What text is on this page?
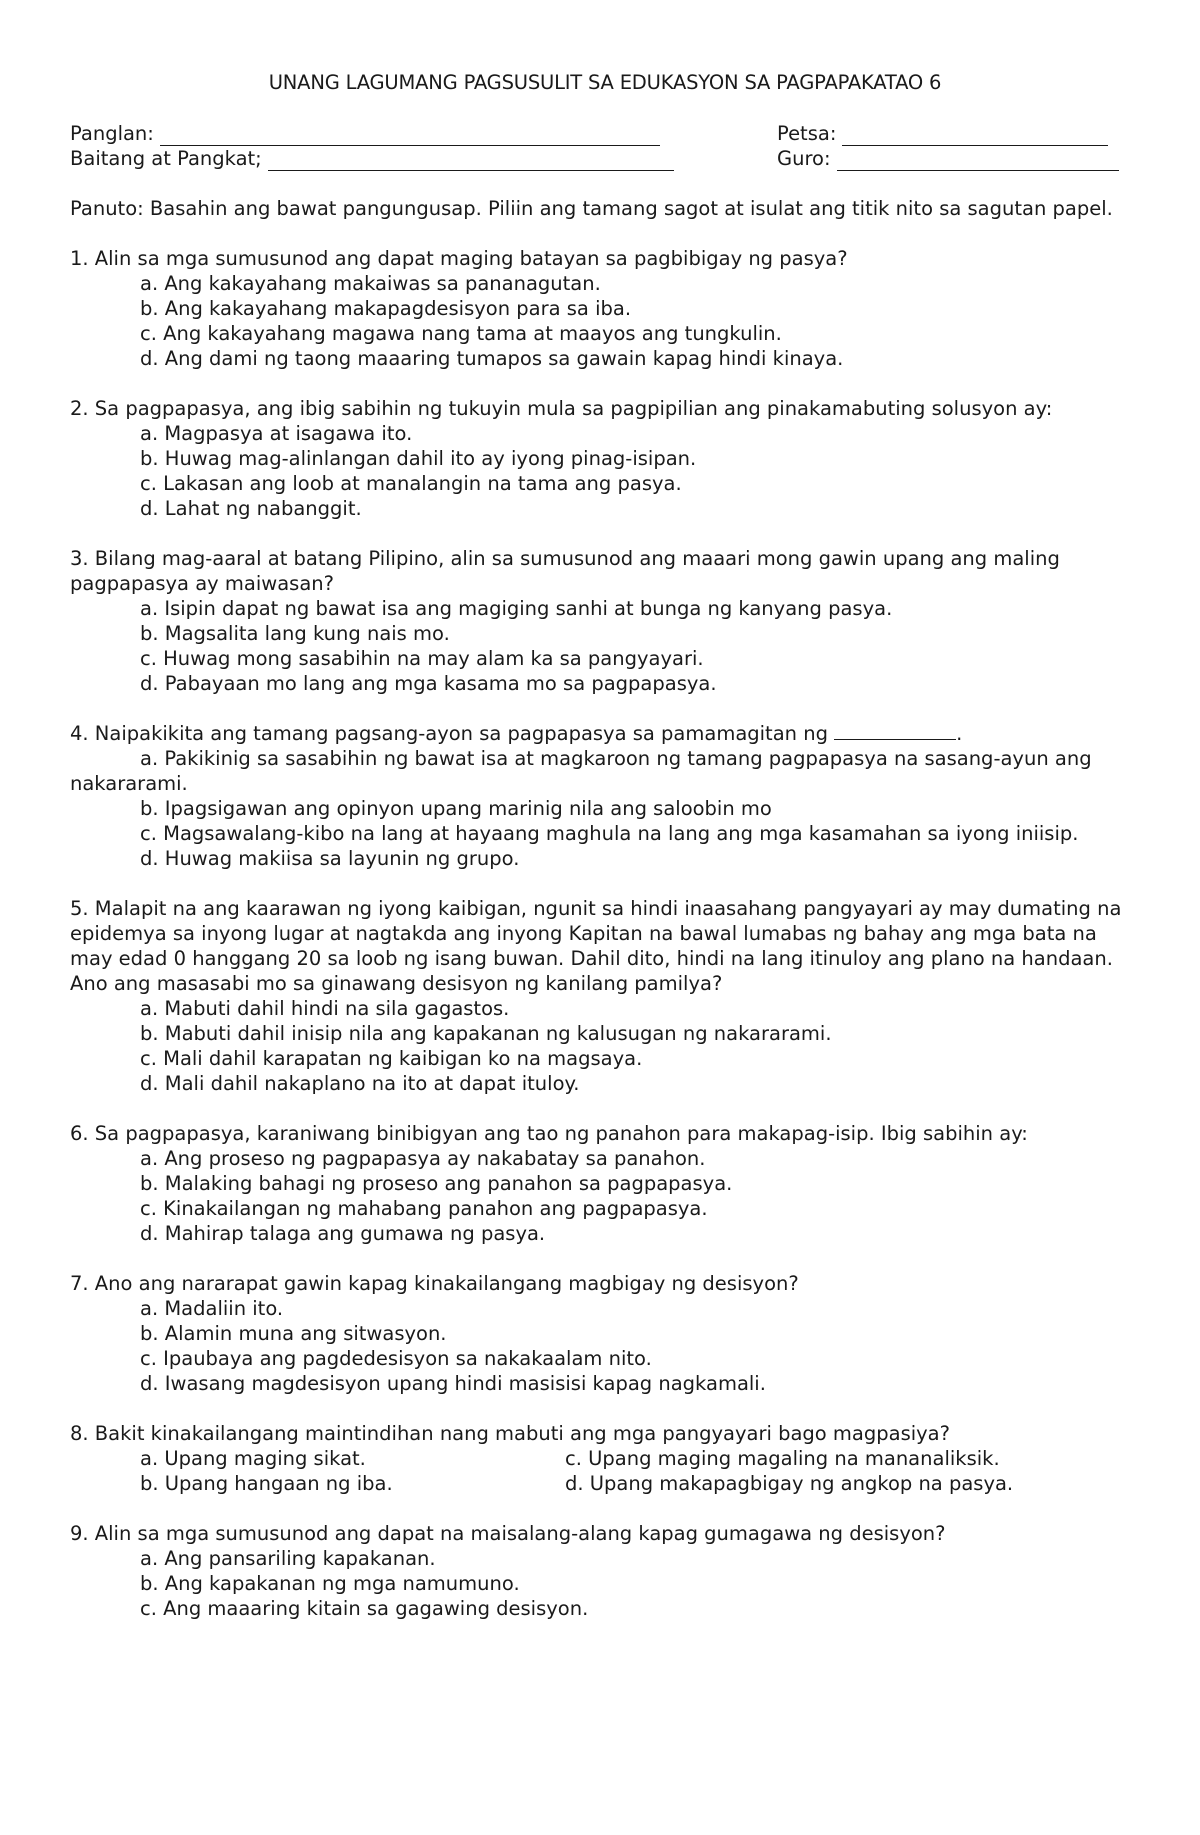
UNANG LAGUMANG PAGSUSULIT SA EDUKASYON SA PAGPAPAKATAO 6
Panglan:	Petsa:
Baitang at Pangkat;	Guro:

Panuto: Basahin ang bawat pangungusap. Piliin ang tamang sagot at isulat ang titik nito sa sagutan papel.

1. Alin sa mga sumusunod ang dapat maging batayan sa pagbibigay ng pasya?

a. Ang kakayahang makaiwas sa pananagutan.

b. Ang kakayahang makapagdesisyon para sa iba.

c. Ang kakayahang magawa nang tama at maayos ang tungkulin.

d. Ang dami ng taong maaaring tumapos sa gawain kapag hindi kinaya.

2. Sa pagpapasya, ang ibig sabihin ng tukuyin mula sa pagpipilian ang pinakamabuting solusyon ay:

a. Magpasya at isagawa ito.

b. Huwag mag-alinlangan dahil ito ay iyong pinag-isipan.

c. Lakasan ang loob at manalangin na tama ang pasya.

d. Lahat ng nabanggit.

3. Bilang mag-aaral at batang Pilipino, alin sa sumusunod ang maaari mong gawin upang ang maling pagpapasya ay maiwasan?

a. Isipin dapat ng bawat isa ang magiging sanhi at bunga ng kanyang pasya.

b. Magsalita lang kung nais mo.

c. Huwag mong sasabihin na may alam ka sa pangyayari.

d. Pabayaan mo lang ang mga kasama mo sa pagpapasya.

4. Naipakikita ang tamang pagsang-ayon sa pagpapasya sa pamamagitan ng	.

a. Pakikinig sa sasabihin ng bawat isa at magkaroon ng tamang pagpapasya na sasang-ayun ang nakararami.

b. Ipagsigawan ang opinyon upang marinig nila ang saloobin mo

c. Magsawalang-kibo na lang at hayaang maghula na lang ang mga kasamahan sa iyong iniisip.

d. Huwag makiisa sa layunin ng grupo.

5. Malapit na ang kaarawan ng iyong kaibigan, ngunit sa hindi inaasahang pangyayari ay may dumating na epidemya sa inyong lugar at nagtakda ang inyong Kapitan na bawal lumabas ng bahay ang mga bata na may edad 0 hanggang 20 sa loob ng isang buwan. Dahil dito, hindi na lang itinuloy ang plano na handaan. Ano ang masasabi mo sa ginawang desisyon ng kanilang pamilya?

a. Mabuti dahil hindi na sila gagastos.

b. Mabuti dahil inisip nila ang kapakanan ng kalusugan ng nakararami.

c. Mali dahil karapatan ng kaibigan ko na magsaya.

d. Mali dahil nakaplano na ito at dapat ituloy.

6. Sa pagpapasya, karaniwang binibigyan ang tao ng panahon para makapag-isip. Ibig sabihin ay:

a. Ang proseso ng pagpapasya ay nakabatay sa panahon.

b. Malaking bahagi ng proseso ang panahon sa pagpapasya.

c. Kinakailangan ng mahabang panahon ang pagpapasya.

d. Mahirap talaga ang gumawa ng pasya.

7. Ano ang nararapat gawin kapag kinakailangang magbigay ng desisyon?

a. Madaliin ito.

b. Alamin muna ang sitwasyon.

c. Ipaubaya ang pagdedesisyon sa nakakaalam nito.

d. Iwasang magdesisyon upang hindi masisisi kapag nagkamali.

8. Bakit kinakailangang maintindihan nang mabuti ang mga pangyayari bago magpasiya?

a. Upang maging sikat.	c. Upang maging magaling na mananaliksik.
b. Upang hangaan ng iba.	d. Upang makapagbigay ng angkop na pasya.

9. Alin sa mga sumusunod ang dapat na maisalang-alang kapag gumagawa ng desisyon?

a. Ang pansariling kapakanan.

b. Ang kapakanan ng mga namumuno.

c. Ang maaaring kitain sa gagawing desisyon.
